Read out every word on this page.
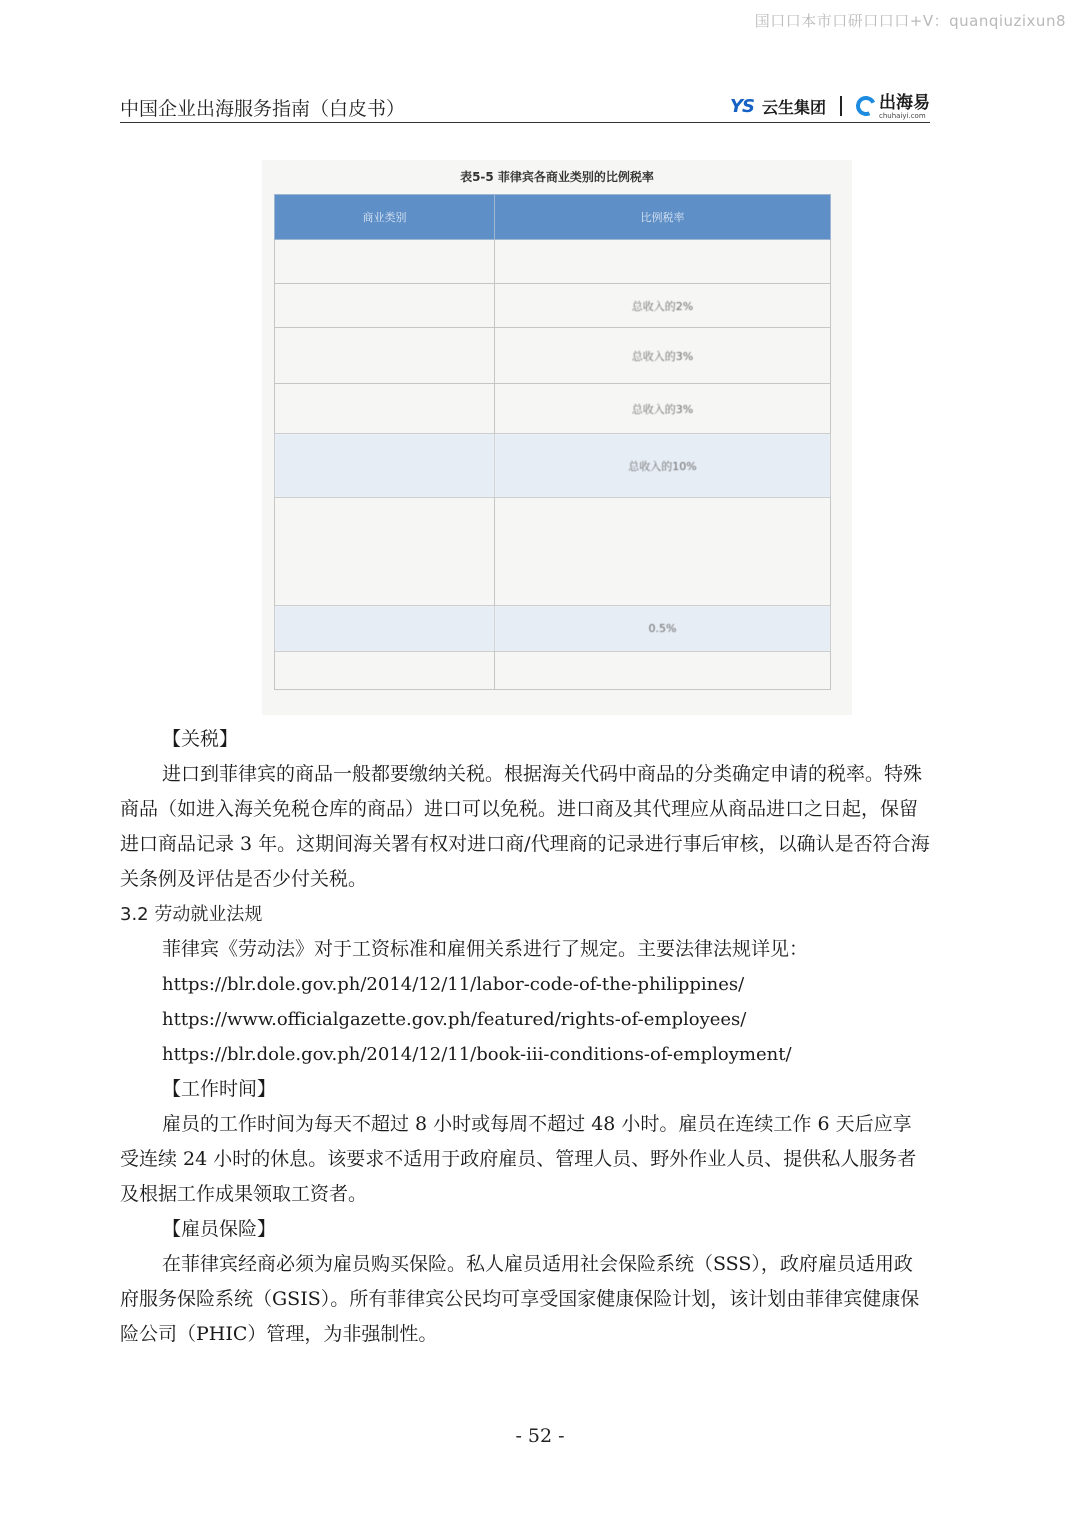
国口口本市口研口口口+V：quanqiuzixun8
中国企业出海服务指南（白皮书）	YS 云生集团	出海易
chuhaiyi.com
表5-5 菲律宾各商业类别的比例税率
商业类别	比例税率

	总收入的2%
	总收入的3%
	总收入的3%
	总收入的10%

	0.5%

【关税】

进口到菲律宾的商品一般都要缴纳关税。根据海关代码中商品的分类确定申请的税率。特殊商品（如进入海关免税仓库的商品）进口可以免税。进口商及其代理应从商品进口之日起，保留进口商品记录 3 年。这期间海关署有权对进口商/代理商的记录进行事后审核，以确认是否符合海关条例及评估是否少付关税。

3.2 劳动就业法规

菲律宾《劳动法》对于工资标准和雇佣关系进行了规定。主要法律法规详见：

https://blr.dole.gov.ph/2014/12/11/labor-code-of-the-philippines/

https://www.officialgazette.gov.ph/featured/rights-of-employees/

https://blr.dole.gov.ph/2014/12/11/book-iii-conditions-of-employment/

【工作时间】

雇员的工作时间为每天不超过 8 小时或每周不超过 48 小时。雇员在连续工作 6 天后应享受连续 24 小时的休息。该要求不适用于政府雇员、管理人员、野外作业人员、提供私人服务者及根据工作成果领取工资者。

【雇员保险】

在菲律宾经商必须为雇员购买保险。私人雇员适用社会保险系统（SSS），政府雇员适用政府服务保险系统（GSIS）。所有菲律宾公民均可享受国家健康保险计划，该计划由菲律宾健康保险公司（PHIC）管理，为非强制性。

- 52 -
